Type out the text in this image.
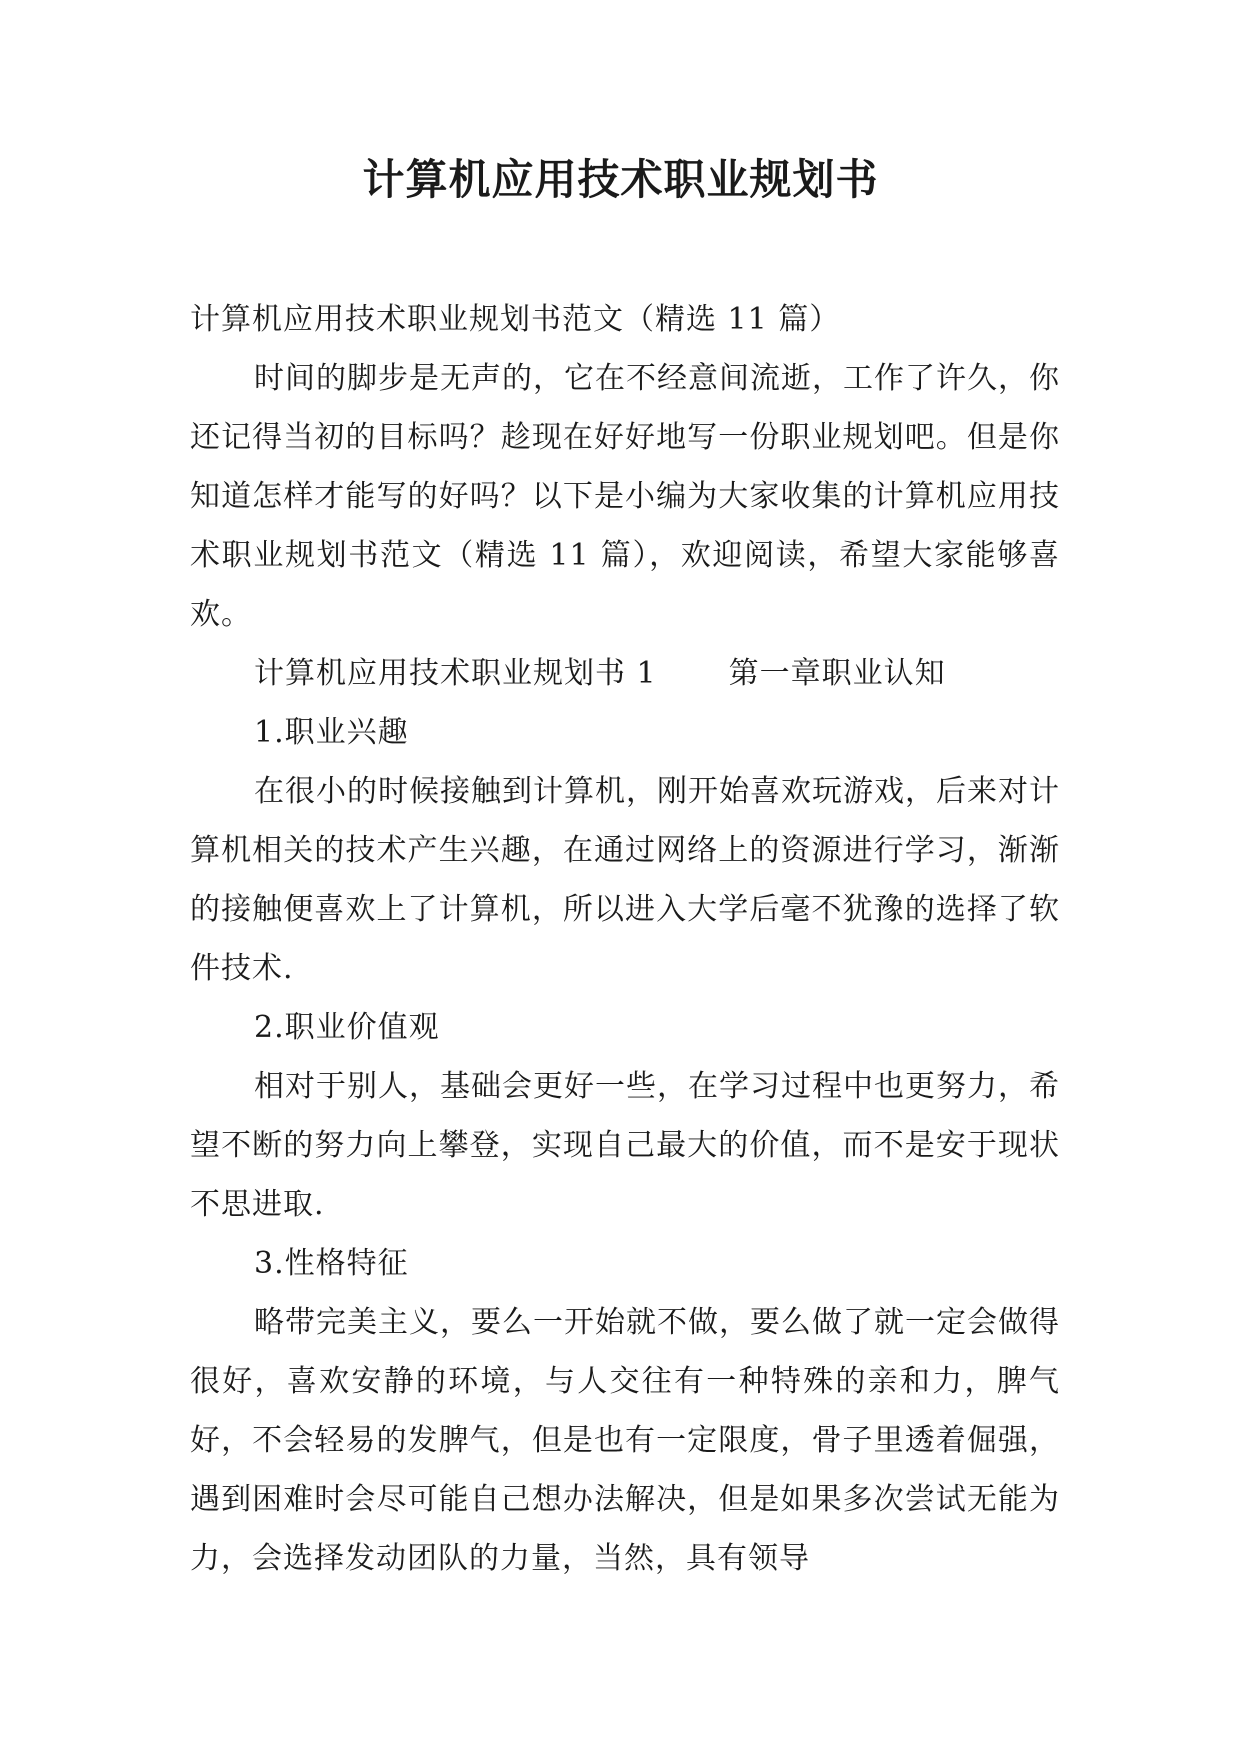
计算机应用技术职业规划书

计算机应用技术职业规划书范文（精选 11 篇）

时间的脚步是无声的，它在不经意间流逝，工作了许久，你还记得当初的目标吗？趁现在好好地写一份职业规划吧。但是你知道怎样才能写的好吗？以下是小编为大家收集的计算机应用技术职业规划书范文（精选 11 篇），欢迎阅读，希望大家能够喜欢。

计算机应用技术职业规划书 1 第一章职业认知

1.职业兴趣

在很小的时候接触到计算机，刚开始喜欢玩游戏，后来对计算机相关的技术产生兴趣，在通过网络上的资源进行学习，渐渐的接触便喜欢上了计算机，所以进入大学后毫不犹豫的选择了软件技术.

2.职业价值观

相对于别人，基础会更好一些，在学习过程中也更努力，希望不断的努力向上攀登，实现自己最大的价值，而不是安于现状不思进取.

3.性格特征

略带完美主义，要么一开始就不做，要么做了就一定会做得很好，喜欢安静的环境，与人交往有一种特殊的亲和力，脾气好，不会轻易的发脾气，但是也有一定限度，骨子里透着倔强，遇到困难时会尽可能自己想办法解决，但是如果多次尝试无能为力，会选择发动团队的力量，当然，具有领导
